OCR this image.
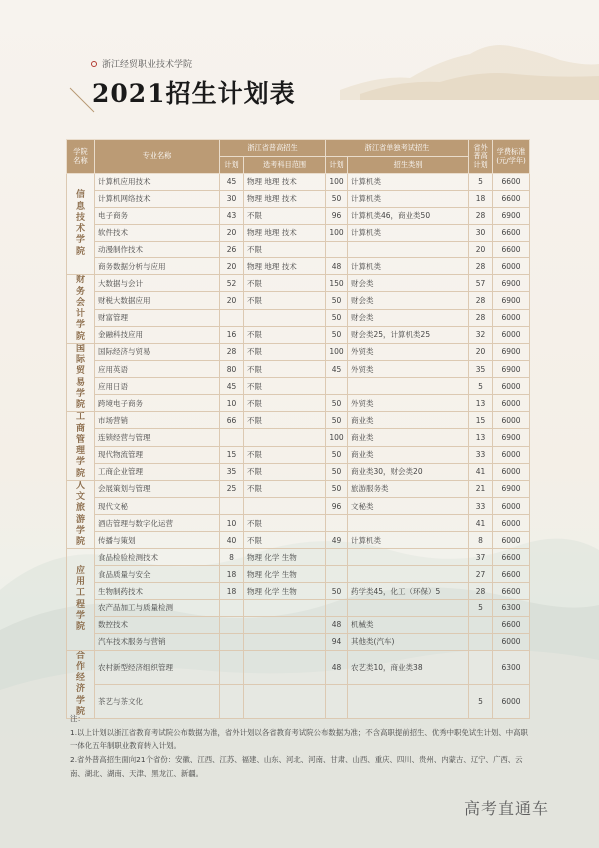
浙江经贸职业技术学院
2021招生计划表
学院
名称	专业名称	浙江省普高招生		浙江省单独考试招生		省外
普高
计划	学费标准
(元/学年)
		计划	选考科目范围	计划	招生类别		
信息技术学院	计算机应用技术	45	物理 地理 技术	100	计算机类	5	6600
	计算机网络技术	30	物理 地理 技术	50	计算机类	18	6600
	电子商务	43	不限	96	计算机类46，商业类50	28	6900
	软件技术	20	物理 地理 技术	100	计算机类	30	6600
	动漫制作技术	26	不限			20	6600
	商务数据分析与应用	20	物理 地理 技术	48	计算机类	28	6000
财务会计学院	大数据与会计	52	不限	150	财会类	57	6900
	财税大数据应用	20	不限	50	财会类	28	6900
	财富管理			50	财会类	28	6000
	金融科技应用	16	不限	50	财会类25，计算机类25	32	6000
国际贸易学院	国际经济与贸易	28	不限	100	外贸类	20	6900
	应用英语	80	不限	45	外贸类	35	6900
	应用日语	45	不限			5	6000
	跨境电子商务	10	不限	50	外贸类	13	6000
工商管理学院	市场营销	66	不限	50	商业类	15	6000
	连锁经营与管理			100	商业类	13	6900
	现代物流管理	15	不限	50	商业类	33	6000
	工商企业管理	35	不限	50	商业类30，财会类20	41	6000
人文旅游学院	会展策划与管理	25	不限	50	旅游服务类	21	6900
	现代文秘			96	文秘类	33	6000
	酒店管理与数字化运营	10	不限			41	6000
	传播与策划	40	不限	49	计算机类	8	6000
应用工程学院	食品检验检测技术	8	物理 化学 生物			37	6600
	食品质量与安全	18	物理 化学 生物			27	6600
	生物制药技术	18	物理 化学 生物	50	药学类45，化工（环保）5	28	6600
	农产品加工与质量检测					5	6300
	数控技术			48	机械类		6600
	汽车技术服务与营销			94	其他类(汽车)		6000
合作经济学院	农村新型经济组织管理			48	农艺类10，商业类38		6300
	茶艺与茶文化					5	6000
注：
1.以上计划以浙江省教育考试院公布数据为准，省外计划以各省教育考试院公布数据为准；不含高职提前招生、优秀中职免试生计划、中高职一体化五年制职业教育转入计划。
2.省外普高招生面向21个省份：安徽、江西、江苏、福建、山东、河北、河南、甘肃、山西、重庆、四川、贵州、内蒙古、辽宁、广西、云南、湖北、湖南、天津、黑龙江、新疆。
高考直通车
